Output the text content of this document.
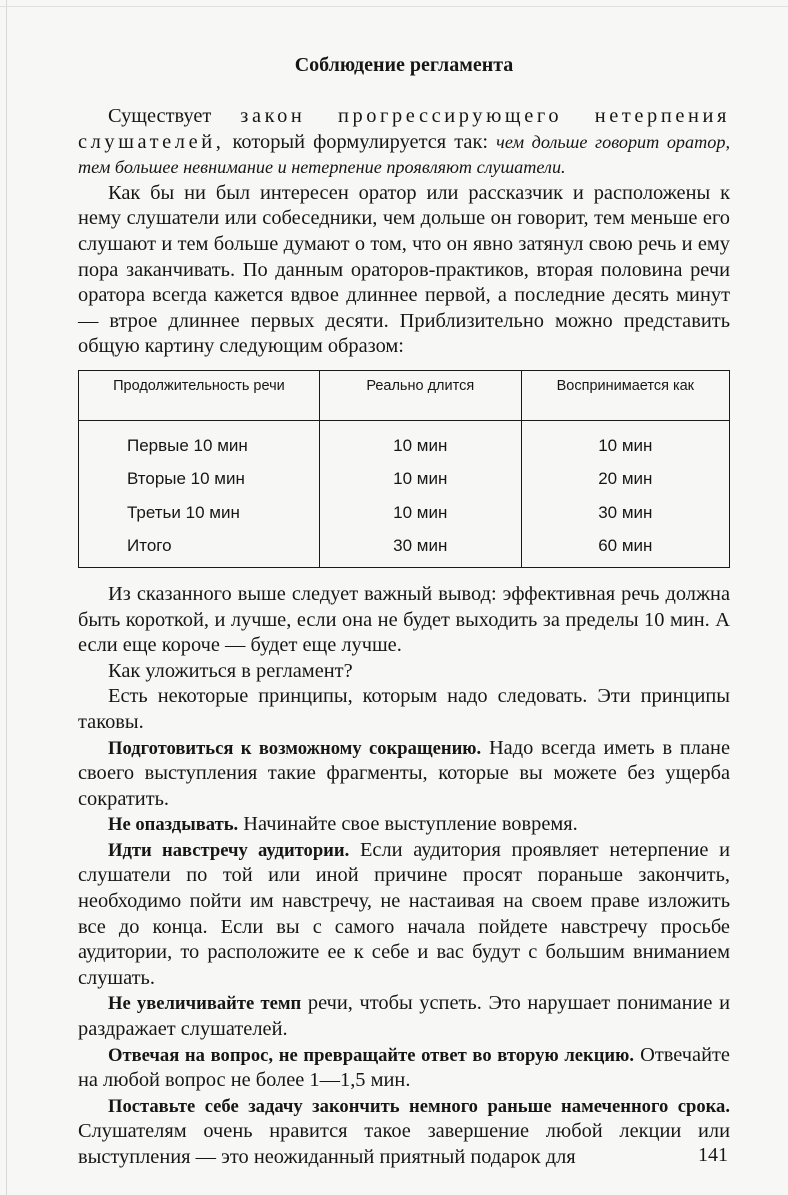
Соблюдение регламента

Существует закон прогрессирующего нетерпения слушателей, который формулируется так: чем дольше говорит оратор, тем большее невнимание и нетерпение проявляют слушатели.

Как бы ни был интересен оратор или рассказчик и расположены к нему слушатели или собеседники, чем дольше он говорит, тем меньше его слушают и тем больше думают о том, что он явно затянул свою речь и ему пора заканчивать. По данным ораторов-практиков, вторая половина речи оратора всегда кажется вдвое длиннее первой, а последние десять минут — втрое длиннее первых десяти. Приблизительно можно представить общую картину следующим образом:

Продолжительность речи	Реально длится	Воспринимается как
Первые 10 мин	10 мин	10 мин
Вторые 10 мин	10 мин	20 мин
Третьи 10 мин	10 мин	30 мин
Итого	30 мин	60 мин

Из сказанного выше следует важный вывод: эффективная речь должна быть короткой, и лучше, если она не будет выходить за пределы 10 мин. А если еще короче — будет еще лучше.

Как уложиться в регламент?

Есть некоторые принципы, которым надо следовать. Эти принципы таковы.

Подготовиться к возможному сокращению. Надо всегда иметь в плане своего выступления такие фрагменты, которые вы можете без ущерба сократить.

Не опаздывать. Начинайте свое выступление вовремя.

Идти навстречу аудитории. Если аудитория проявляет нетерпение и слушатели по той или иной причине просят пораньше закончить, необходимо пойти им навстречу, не настаивая на своем праве изложить все до конца. Если вы с самого начала пойдете навстречу просьбе аудитории, то расположите ее к себе и вас будут с большим вниманием слушать.

Не увеличивайте темп речи, чтобы успеть. Это нарушает понимание и раздражает слушателей.

Отвечая на вопрос, не превращайте ответ во вторую лекцию. Отвечайте на любой вопрос не более 1—1,5 мин.

Поставьте себе задачу закончить немного раньше намеченного срока. Слушателям очень нравится такое завершение любой лекции или выступления — это неожиданный приятный подарок для	141
